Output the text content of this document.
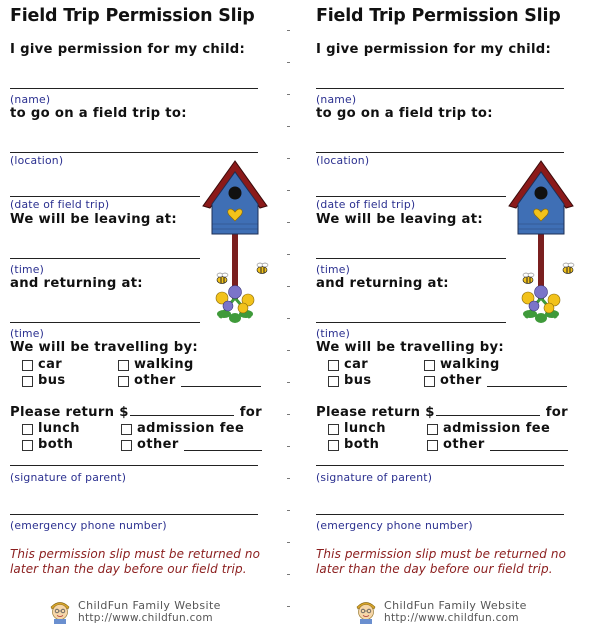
Field Trip Permission Slip
I give permission for my child:
(name)
to go on a field trip to:
(location)
(date of field trip)
We will be leaving at:
(time)
and returning at:
(time)
We will be travelling by:
car	walking
bus	other
Please return $	for
lunch	admission fee
both	other
(signature of parent)
(emergency phone number)
This permission slip must be returned no
later than the day before our field trip.
ChildFun Family Website
http://www.childfun.com
Field Trip Permission Slip
I give permission for my child:
(name)
to go on a field trip to:
(location)
(date of field trip)
We will be leaving at:
(time)
and returning at:
(time)
We will be travelling by:
car	walking
bus	other
Please return $	for
lunch	admission fee
both	other
(signature of parent)
(emergency phone number)
This permission slip must be returned no
later than the day before our field trip.
ChildFun Family Website
http://www.childfun.com
